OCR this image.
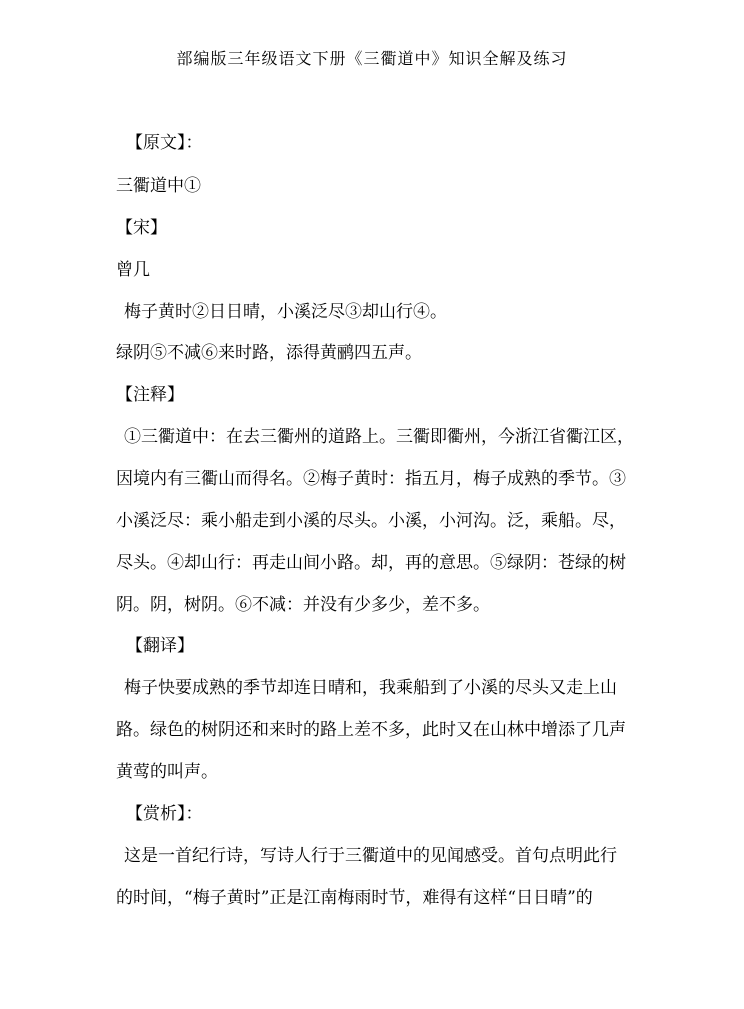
部编版三年级语文下册《三衢道中》知识全解及练习
【原文】：
三衢道中①
【宋】
曾几
梅子黄时②日日晴，小溪泛尽③却山行④。
绿阴⑤不减⑥来时路，添得黄鹂四五声。
【注释】
①三衢道中：在去三衢州的道路上。三衢即衢州，今浙江省衢江区，
因境内有三衢山而得名。②梅子黄时：指五月，梅子成熟的季节。③
小溪泛尽：乘小船走到小溪的尽头。小溪，小河沟。泛，乘船。尽，
尽头。④却山行：再走山间小路。却，再的意思。⑤绿阴：苍绿的树
阴。阴，树阴。⑥不减：并没有少多少，差不多。
【翻译】
梅子快要成熟的季节却连日晴和，我乘船到了小溪的尽头又走上山
路。绿色的树阴还和来时的路上差不多，此时又在山林中增添了几声
黄莺的叫声。
【赏析】：
这是一首纪行诗，写诗人行于三衢道中的见闻感受。首句点明此行
的时间，“梅子黄时”正是江南梅雨时节，难得有这样“日日晴”的
